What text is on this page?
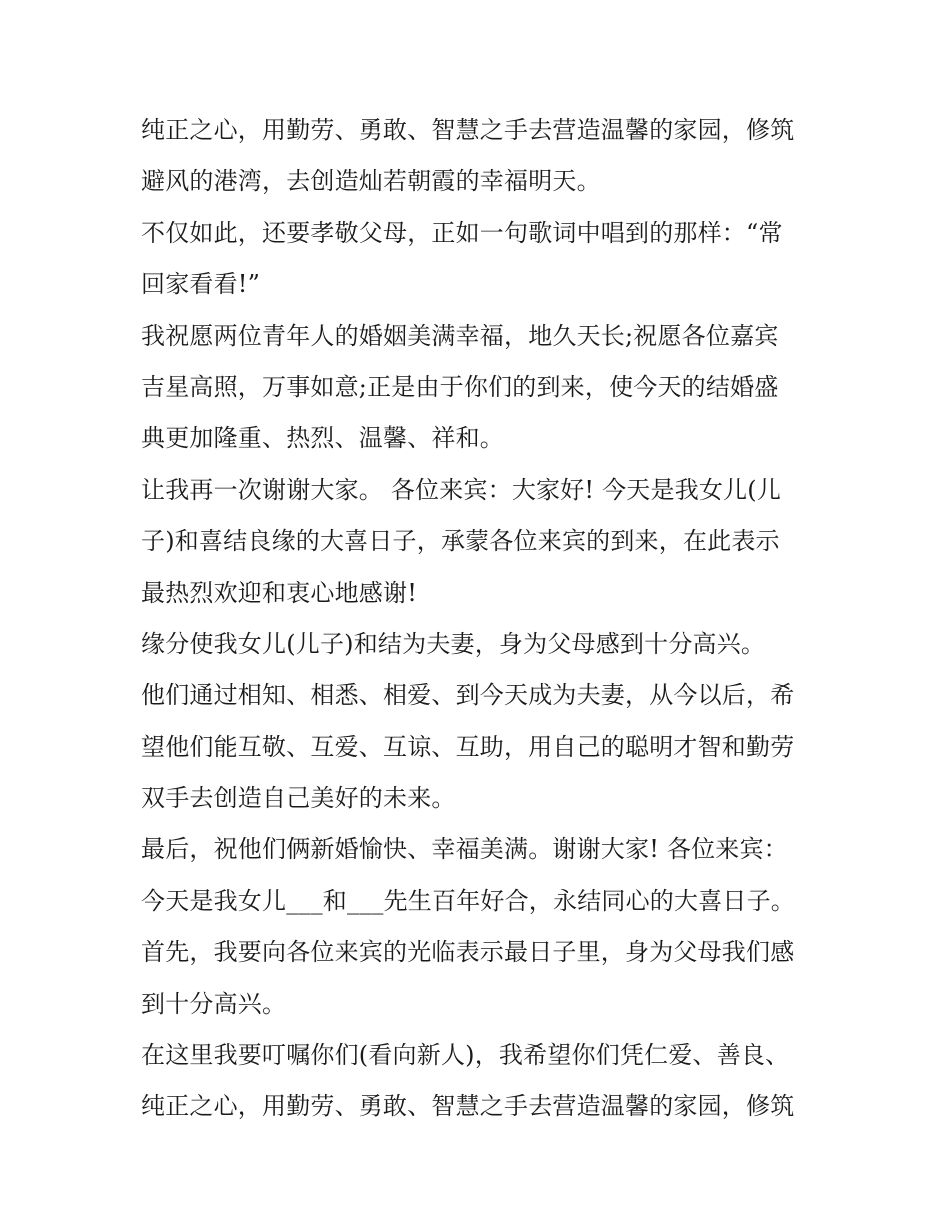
纯正之心，用勤劳、勇敢、智慧之手去营造温馨的家园，修筑
避风的港湾，去创造灿若朝霞的幸福明天。
不仅如此，还要孝敬父母，正如一句歌词中唱到的那样：“常
回家看看!”
我祝愿两位青年人的婚姻美满幸福，地久天长;祝愿各位嘉宾
吉星高照，万事如意;正是由于你们的到来，使今天的结婚盛
典更加隆重、热烈、温馨、祥和。
让我再一次谢谢大家。 各位来宾：大家好! 今天是我女儿(儿
子)和喜结良缘的大喜日子，承蒙各位来宾的到来，在此表示
最热烈欢迎和衷心地感谢!
缘分使我女儿(儿子)和结为夫妻，身为父母感到十分高兴。
他们通过相知、相悉、相爱、到今天成为夫妻，从今以后，希
望他们能互敬、互爱、互谅、互助，用自己的聪明才智和勤劳
双手去创造自己美好的未来。
最后，祝他们俩新婚愉快、幸福美满。谢谢大家! 各位来宾：
今天是我女儿___和___先生百年好合，永结同心的大喜日子。
首先，我要向各位来宾的光临表示最日子里，身为父母我们感
到十分高兴。
在这里我要叮嘱你们(看向新人)，我希望你们凭仁爱、善良、
纯正之心，用勤劳、勇敢、智慧之手去营造温馨的家园，修筑
